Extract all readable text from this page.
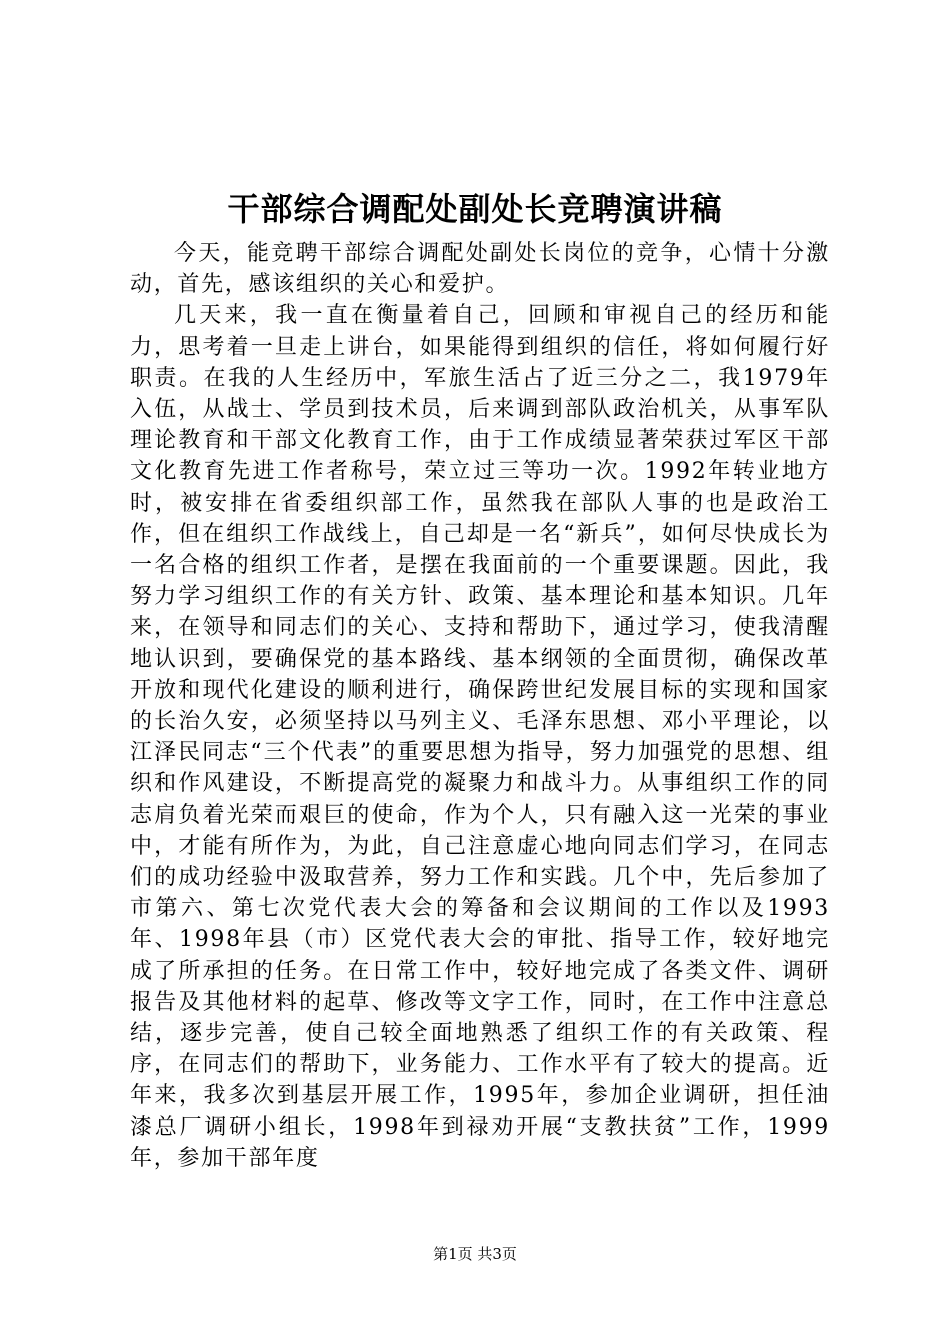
干部综合调配处副处长竞聘演讲稿

今天，能竞聘干部综合调配处副处长岗位的竞争，心情十分激动，首先，感该组织的关心和爱护。

几天来，我一直在衡量着自己，回顾和审视自己的经历和能力，思考着一旦走上讲台，如果能得到组织的信任，将如何履行好职责。在我的人生经历中，军旅生活占了近三分之二，我1979年入伍，从战士、学员到技术员，后来调到部队政治机关，从事军队理论教育和干部文化教育工作，由于工作成绩显著荣获过军区干部文化教育先进工作者称号，荣立过三等功一次。1992年转业地方时，被安排在省委组织部工作，虽然我在部队人事的也是政治工作，但在组织工作战线上，自己却是一名“新兵”，如何尽快成长为一名合格的组织工作者，是摆在我面前的一个重要课题。因此，我努力学习组织工作的有关方针、政策、基本理论和基本知识。几年来，在领导和同志们的关心、支持和帮助下，通过学习，使我清醒地认识到，要确保党的基本路线、基本纲领的全面贯彻，确保改革开放和现代化建设的顺利进行，确保跨世纪发展目标的实现和国家的长治久安，必须坚持以马列主义、毛泽东思想、邓小平理论，以江泽民同志“三个代表”的重要思想为指导，努力加强党的思想、组织和作风建设，不断提高党的凝聚力和战斗力。从事组织工作的同志肩负着光荣而艰巨的使命，作为个人，只有融入这一光荣的事业中，才能有所作为，为此，自己注意虚心地向同志们学习，在同志们的成功经验中汲取营养，努力工作和实践。几个中，先后参加了市第六、第七次党代表大会的筹备和会议期间的工作以及1993年、1998年县（市）区党代表大会的审批、指导工作，较好地完成了所承担的任务。在日常工作中，较好地完成了各类文件、调研报告及其他材料的起草、修改等文字工作，同时，在工作中注意总结，逐步完善，使自己较全面地熟悉了组织工作的有关政策、程序，在同志们的帮助下，业务能力、工作水平有了较大的提高。近年来，我多次到基层开展工作，1995年，参加企业调研，担任油漆总厂调研小组长，1998年到禄劝开展“支教扶贫”工作，1999年，参加干部年度

第1页 共3页
